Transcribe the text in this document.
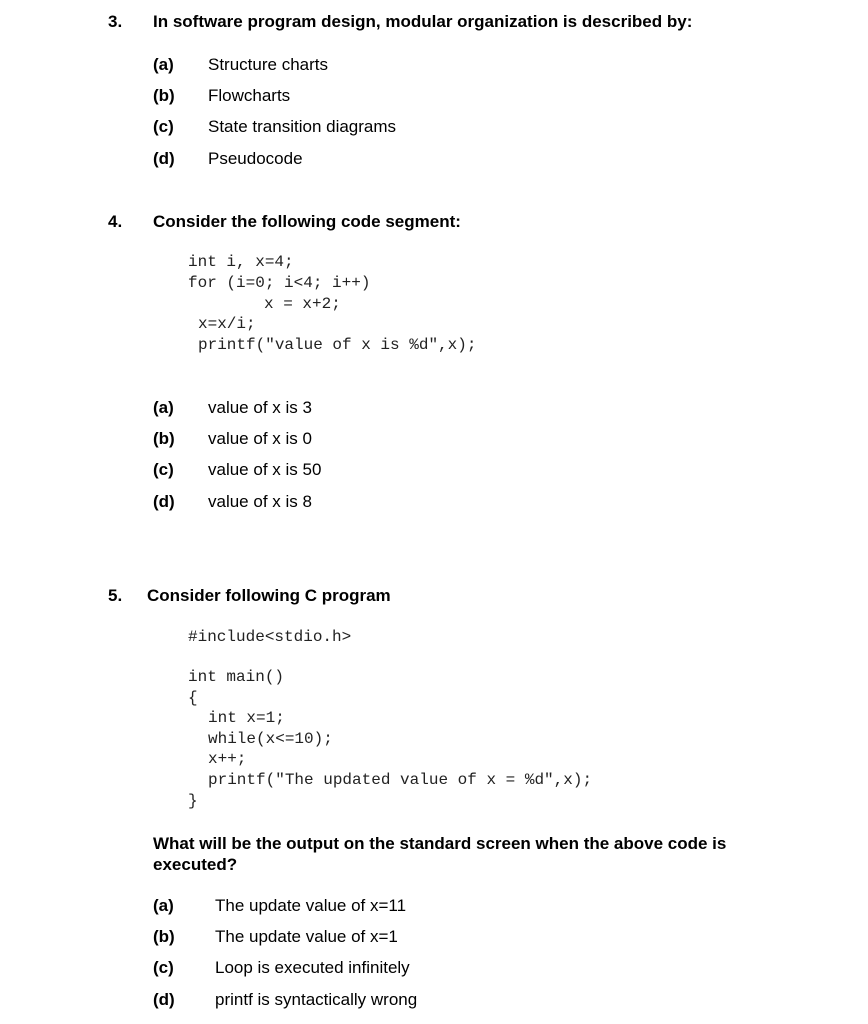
3. In software program design, modular organization is described by:
(a) Structure charts
(b) Flowcharts
(c) State transition diagrams
(d) Pseudocode
4. Consider the following code segment:
int i, x=4;
for (i=0; i<4; i++)
x = x+2;
x=x/i;
printf("value of x is %d",x);
(a) value of x is 3
(b) value of x is 0
(c) value of x is 50
(d) value of x is 8
5. Consider following C program
#include<stdio.h>
int main()
{
int x=1;
while(x<=10);
x++;
printf("The updated value of x = %d",x);
}
What will be the output on the standard screen when the above code is executed?
(a) The update value of x=11
(b) The update value of x=1
(c) Loop is executed infinitely
(d) printf is syntactically wrong
